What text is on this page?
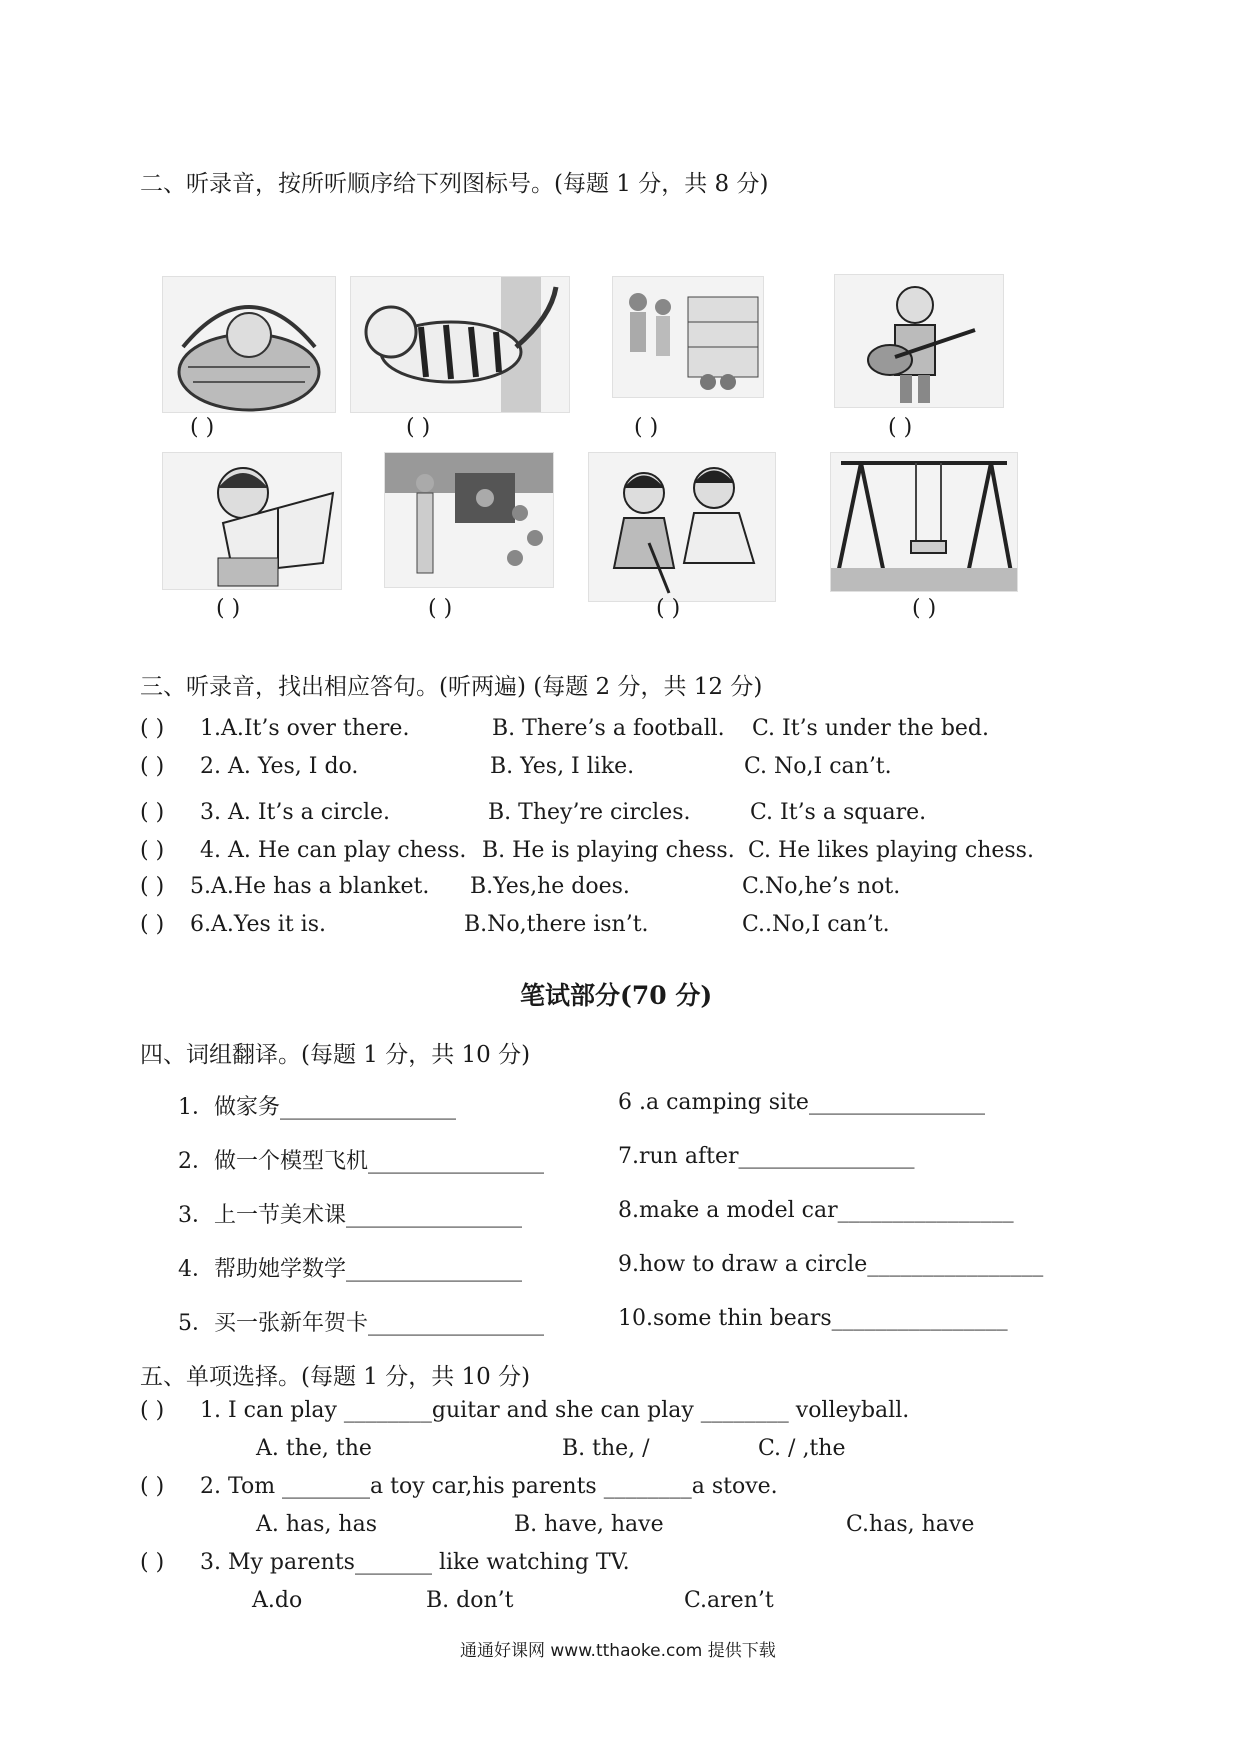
二、听录音，按所听顺序给下列图标号。(每题 1 分，共 8 分)
( )	( )	( )	( )
( )	( )	( )	( )
三、听录音，找出相应答句。(听两遍) (每题 2 分，共 12 分)
( ) 1.A.It’s over there.	B. There’s a football. C. It’s under the bed.
( ) 2. A. Yes, I do.	B. Yes, I like.	C. No,I can’t.
( ) 3. A. It’s a circle.	B. They’re circles.	C. It’s a square.
( ) 4. A. He can play chess. B. He is playing chess. C. He likes playing chess.
( ) 5.A.He has a blanket. B.Yes,he does.	C.No,he’s not.
( ) 6.A.Yes it is.	B.No,there isn’t.	C..No,I can’t.
笔试部分(70 分)
四、词组翻译。(每题 1 分，共 10 分)
1．做家务________________
2．做一个模型飞机________________
3．上一节美术课________________
4．帮助她学数学________________
5．买一张新年贺卡________________
6 .a camping site________________
7.run after________________
8.make a model car________________
9.how to draw a circle________________
10.some thin bears________________
五、单项选择。(每题 1 分，共 10 分)
( ) 1. I can play ________guitar and she can play ________ volleyball.
A. the, the	B. the, /	C. / ,the
( ) 2. Tom ________a toy car,his parents ________a stove.
A. has, has	B. have, have	C.has, have
( ) 3. My parents_______ like watching TV.
A.do	B. don’t	C.aren’t
通通好课网 www.tthaoke.com 提供下载
